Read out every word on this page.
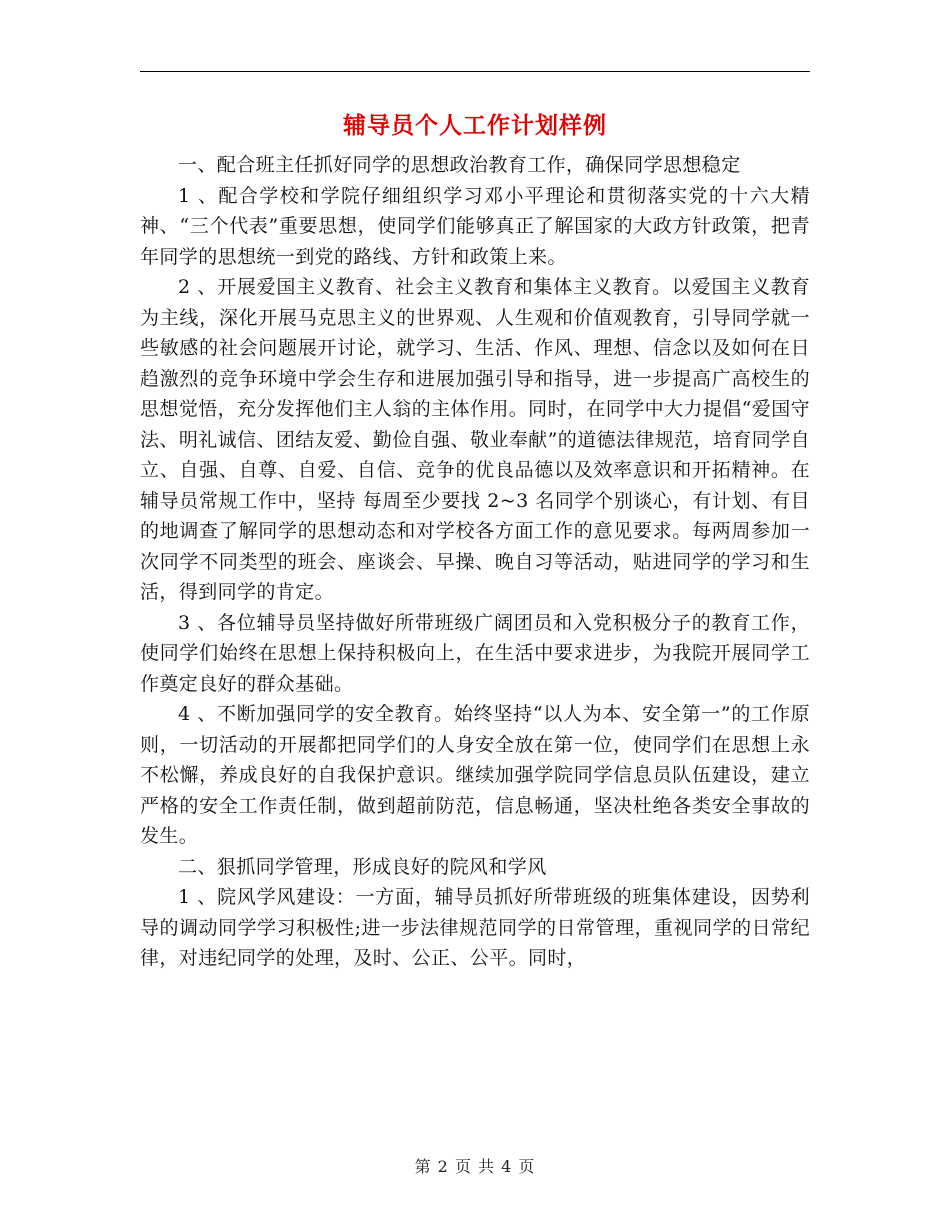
辅导员个人工作计划样例

一、配合班主任抓好同学的思想政治教育工作，确保同学思想稳定

1 、配合学校和学院仔细组织学习邓小平理论和贯彻落实党的十六大精神、“三个代表”重要思想，使同学们能够真正了解国家的大政方针政策，把青年同学的思想统一到党的路线、方针和政策上来。

2 、开展爱国主义教育、社会主义教育和集体主义教育。以爱国主义教育为主线，深化开展马克思主义的世界观、人生观和价值观教育，引导同学就一些敏感的社会问题展开讨论，就学习、生活、作风、理想、信念以及如何在日趋激烈的竞争环境中学会生存和进展加强引导和指导，进一步提高广高校生的思想觉悟，充分发挥他们主人翁的主体作用。同时，在同学中大力提倡“爱国守法、明礼诚信、团结友爱、勤俭自强、敬业奉献”的道德法律规范，培育同学自立、自强、自尊、自爱、自信、竞争的优良品德以及效率意识和开拓精神。在辅导员常规工作中，坚持 每周至少要找 2~3 名同学个别谈心，有计划、有目的地调查了解同学的思想动态和对学校各方面工作的意见要求。每两周参加一次同学不同类型的班会、座谈会、早操、晚自习等活动，贴进同学的学习和生活，得到同学的肯定。

3 、各位辅导员坚持做好所带班级广阔团员和入党积极分子的教育工作，使同学们始终在思想上保持积极向上，在生活中要求进步，为我院开展同学工作奠定良好的群众基础。

4 、不断加强同学的安全教育。始终坚持“以人为本、安全第一”的工作原则，一切活动的开展都把同学们的人身安全放在第一位，使同学们在思想上永不松懈，养成良好的自我保护意识。继续加强学院同学信息员队伍建设，建立严格的安全工作责任制，做到超前防范，信息畅通，坚决杜绝各类安全事故的发生。

二、狠抓同学管理，形成良好的院风和学风

1 、院风学风建设：一方面，辅导员抓好所带班级的班集体建设，因势利导的调动同学学习积极性;进一步法律规范同学的日常管理，重视同学的日常纪律，对违纪同学的处理，及时、公正、公平。同时，

第 2 页 共 4 页
